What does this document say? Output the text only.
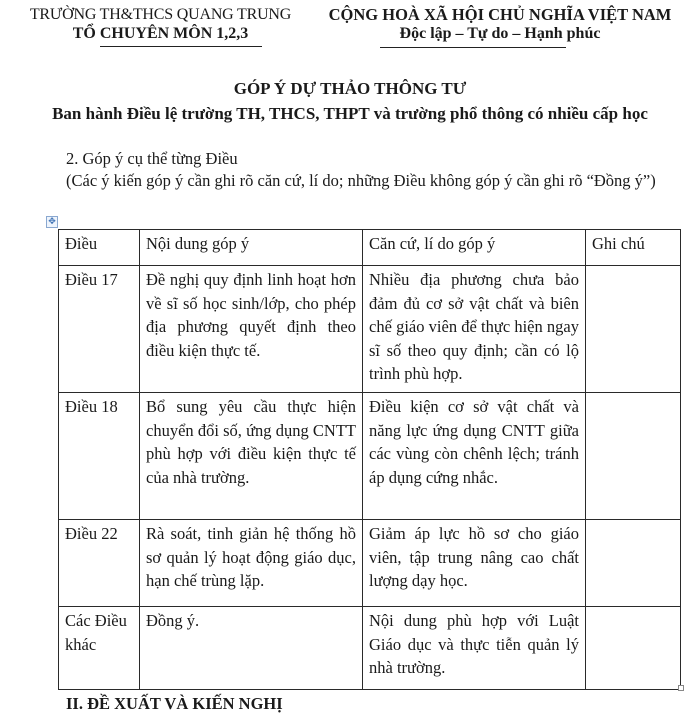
TRƯỜNG TH&THCS QUANG TRUNG
TỔ CHUYÊN MÔN 1,2,3
CỘNG HOÀ XÃ HỘI CHỦ NGHĨA VIỆT NAM
Độc lập – Tự do – Hạnh phúc
GÓP Ý DỰ THẢO THÔNG TƯ
Ban hành Điều lệ trường TH, THCS, THPT và trường phổ thông có nhiều cấp học
2. Góp ý cụ thể từng Điều
(Các ý kiến góp ý cần ghi rõ căn cứ, lí do; những Điều không góp ý cần ghi rõ “Đồng ý”)
✥
Điều	Nội dung góp ý	Căn cứ, lí do góp ý	Ghi chú
Điều 17	Đề nghị quy định linh hoạt hơn về sĩ số học sinh/lớp, cho phép địa phương quyết định theo điều kiện thực tế.	Nhiều địa phương chưa bảo đảm đủ cơ sở vật chất và biên chế giáo viên để thực hiện ngay sĩ số theo quy định; cần có lộ trình phù hợp.	
Điều 18	Bổ sung yêu cầu thực hiện chuyển đổi số, ứng dụng CNTT phù hợp với điều kiện thực tế của nhà trường.	Điều kiện cơ sở vật chất và năng lực ứng dụng CNTT giữa các vùng còn chênh lệch; tránh áp dụng cứng nhắc.	
Điều 22	Rà soát, tinh giản hệ thống hồ sơ quản lý hoạt động giáo dục, hạn chế trùng lặp.	Giảm áp lực hồ sơ cho giáo viên, tập trung nâng cao chất lượng dạy học.	
Các Điều khác	Đồng ý.	Nội dung phù hợp với Luật Giáo dục và thực tiễn quản lý nhà trường.	
II. ĐỀ XUẤT VÀ KIẾN NGHỊ
